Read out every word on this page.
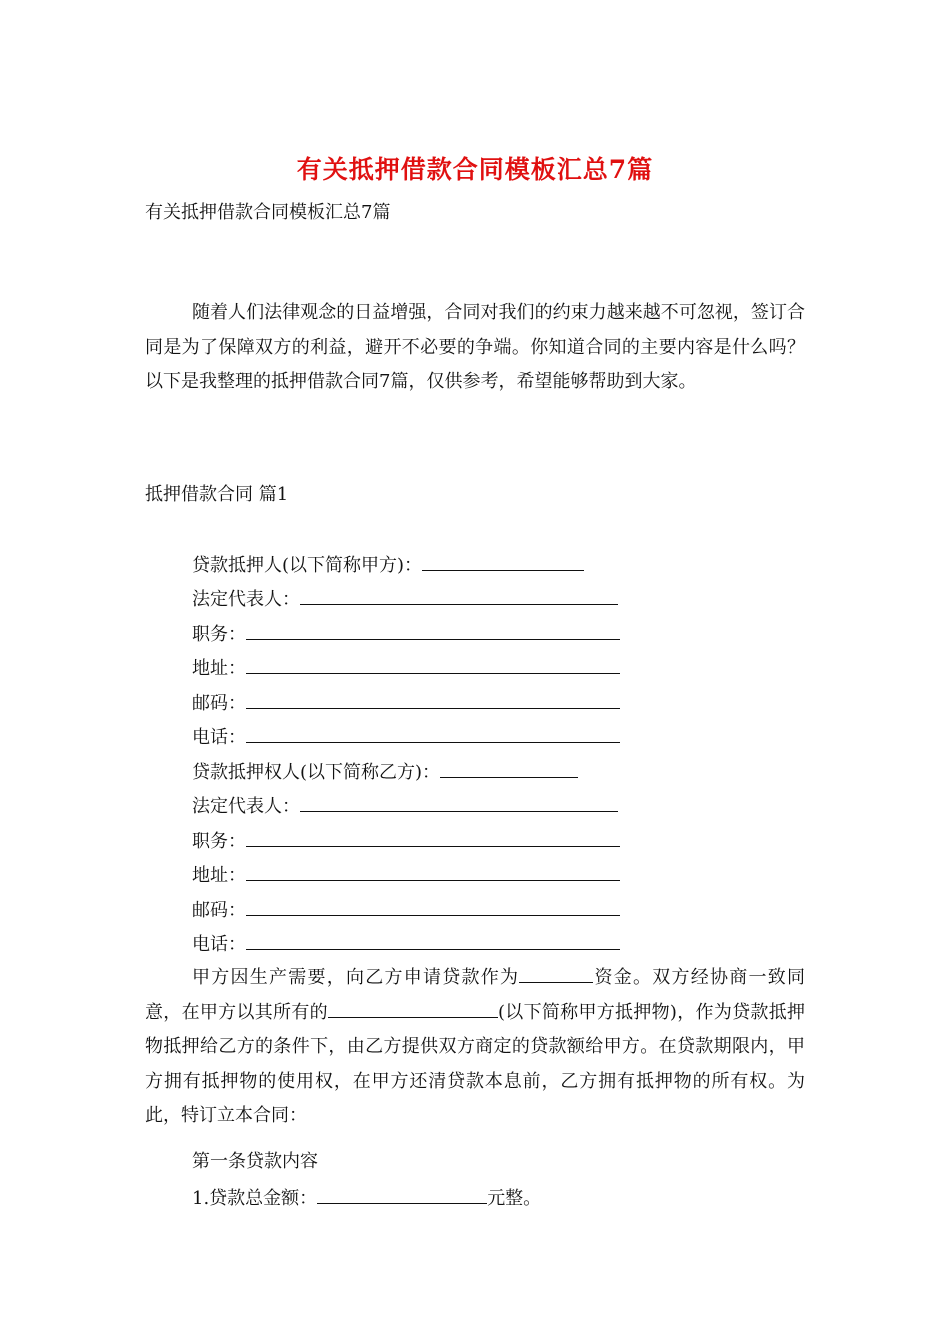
有关抵押借款合同模板汇总7篇
有关抵押借款合同模板汇总7篇

随着人们法律观念的日益增强，合同对我们的约束力越来越不可忽视，签订合同是为了保障双方的利益，避开不必要的争端。你知道合同的主要内容是什么吗？以下是我整理的抵押借款合同7篇，仅供参考，希望能够帮助到大家。

抵押借款合同 篇1
贷款抵押人(以下简称甲方)：
法定代表人：
职务：
地址：
邮码：
电话：
贷款抵押权人(以下简称乙方)：
法定代表人：
职务：
地址：
邮码：
电话：

甲方因生产需要，向乙方申请贷款作为	资金。双方经协商一致同意，在甲方以其所有的	(以下简称甲方抵押物)，作为贷款抵押物抵押给乙方的条件下，由乙方提供双方商定的贷款额给甲方。在贷款期限内，甲方拥有抵押物的使用权，在甲方还清贷款本息前，乙方拥有抵押物的所有权。为此，特订立本合同：

第一条贷款内容
1.贷款总金额：	元整。
